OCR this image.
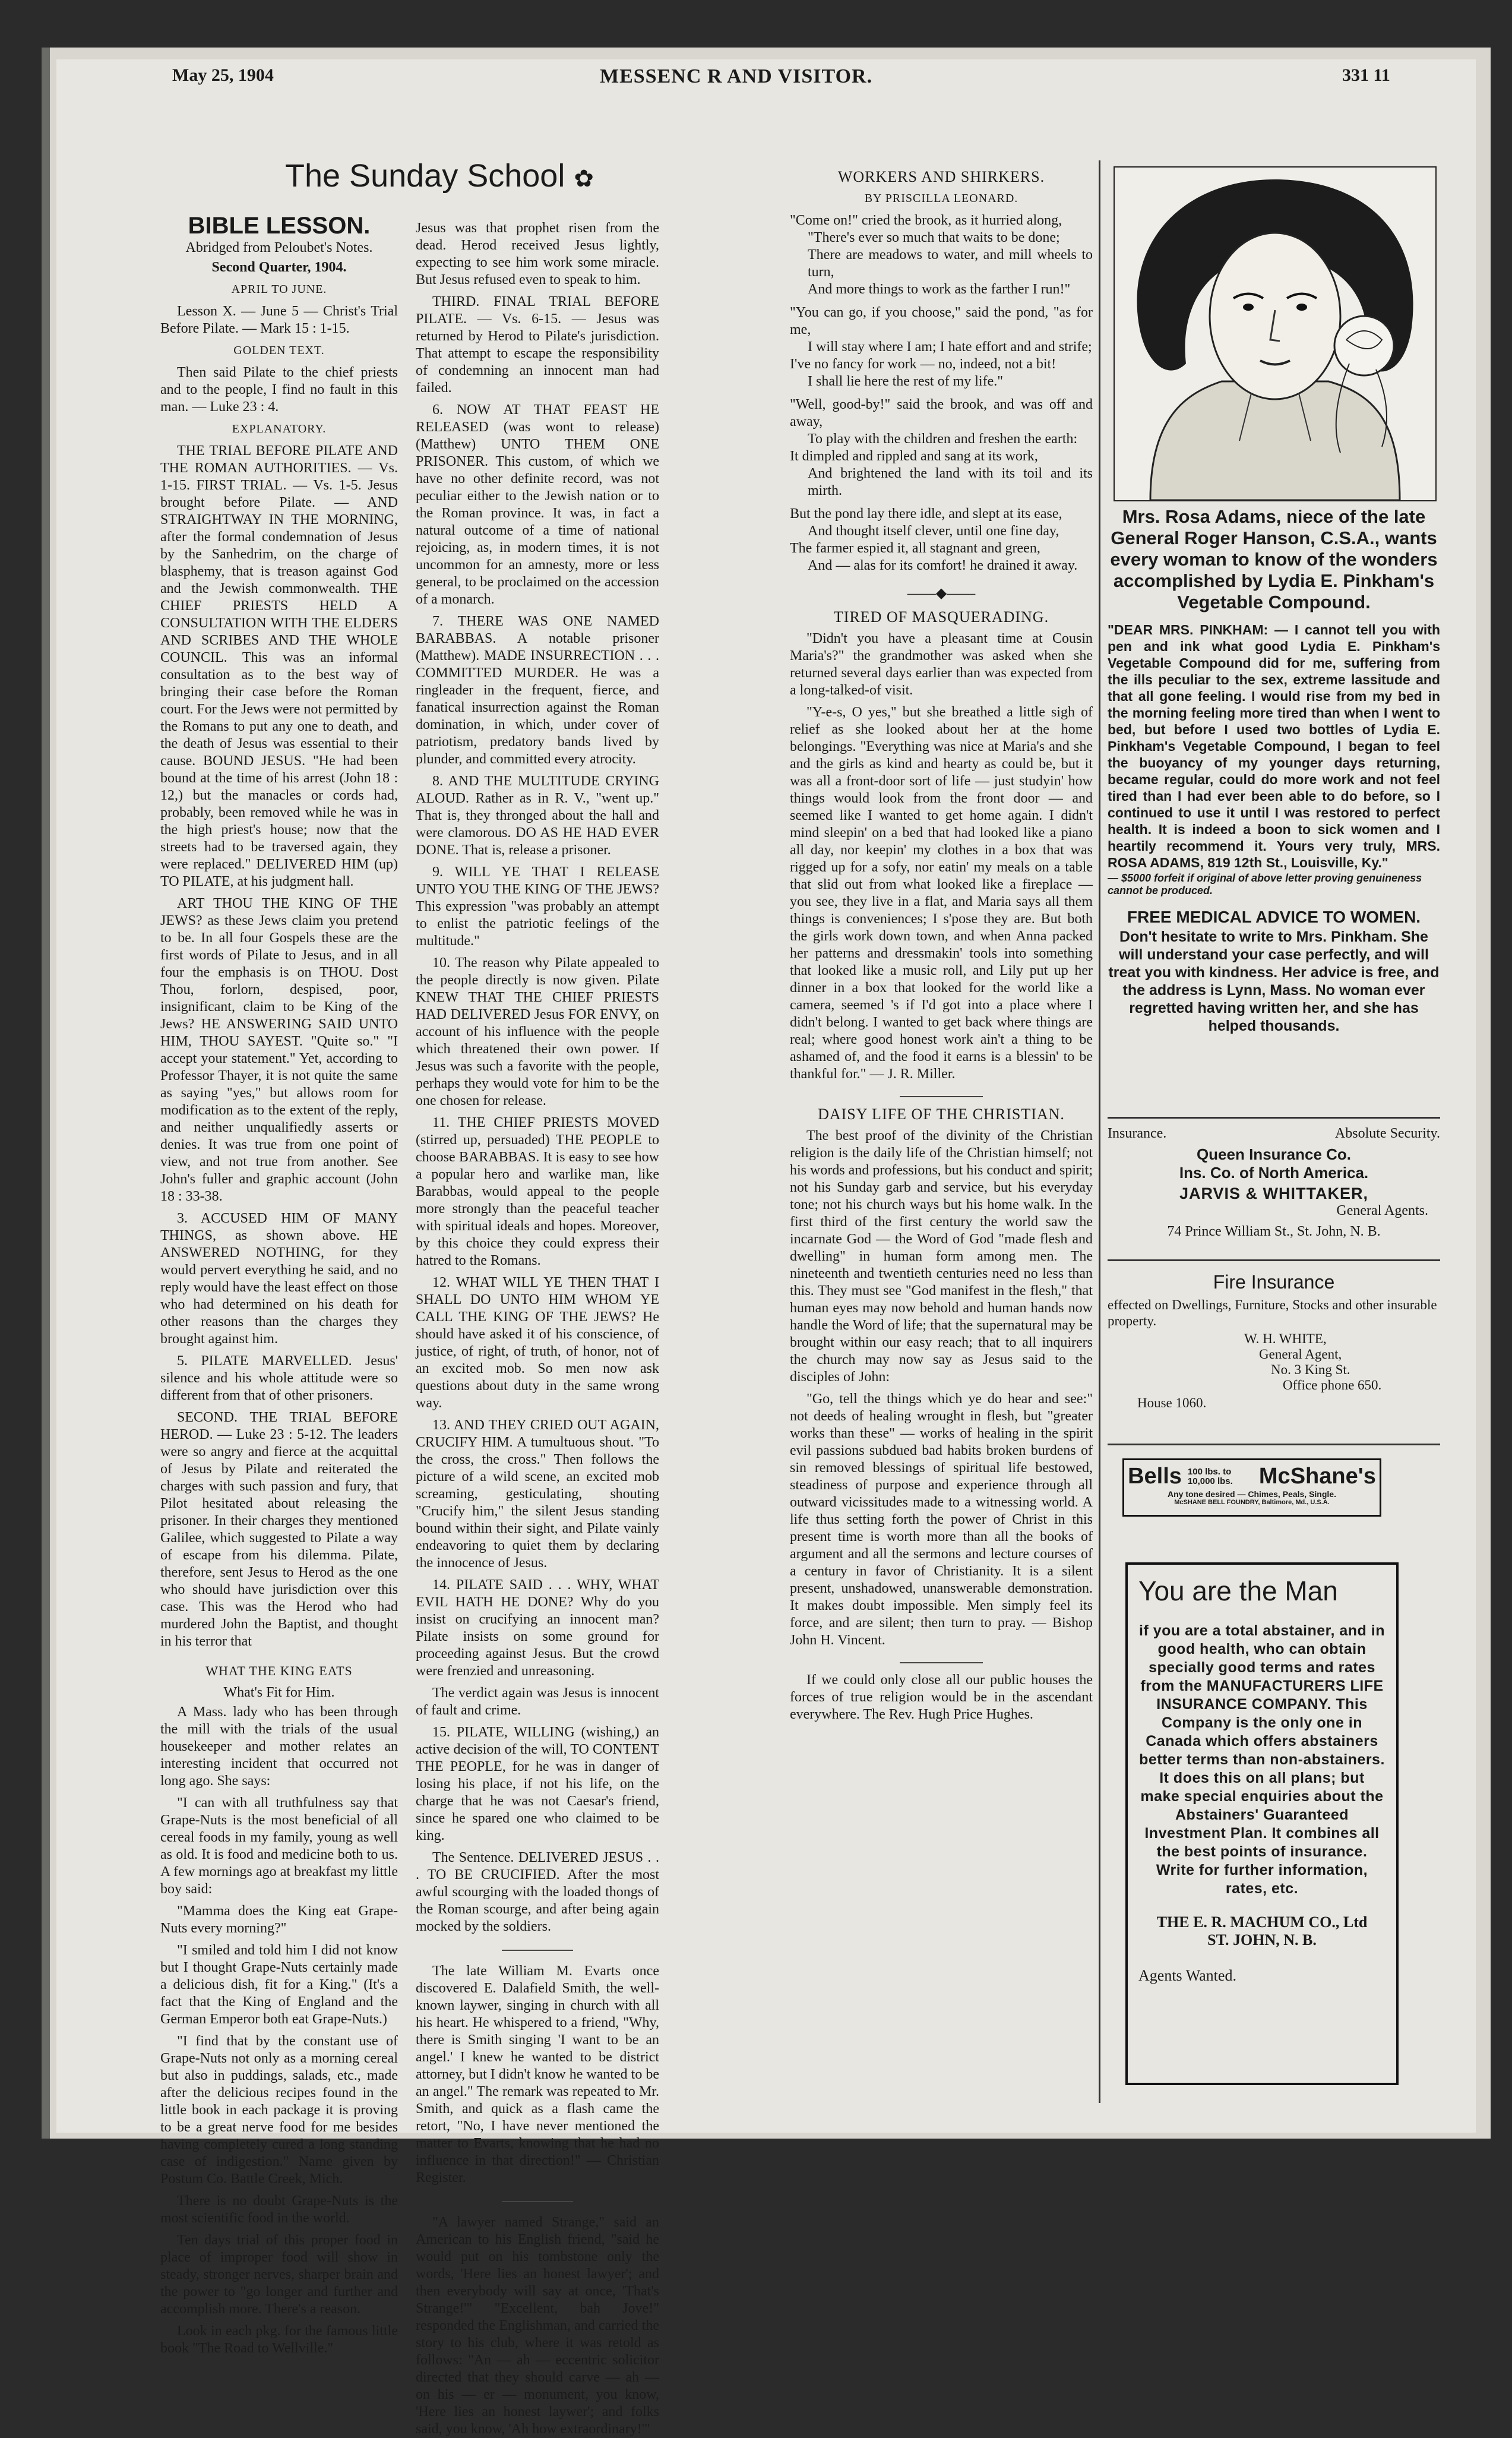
May 25, 1904	MESSENC R AND VISITOR.	331 11
The Sunday School ✿
BIBLE LESSON.
Abridged from Peloubet's Notes.
Second Quarter, 1904.
APRIL TO JUNE.

Lesson X. — June 5 — Christ's Trial Before Pilate. — Mark 15 : 1-15.

GOLDEN TEXT.

Then said Pilate to the chief priests and to the people, I find no fault in this man. — Luke 23 : 4.

EXPLANATORY.

THE TRIAL BEFORE PILATE AND THE ROMAN AUTHORITIES. — Vs. 1-15. FIRST TRIAL. — Vs. 1-5. Jesus brought before Pilate. — AND STRAIGHTWAY IN THE MORNING, after the formal condemnation of Jesus by the Sanhedrim, on the charge of blasphemy, that is treason against God and the Jewish commonwealth. THE CHIEF PRIESTS HELD A CONSULTATION WITH THE ELDERS AND SCRIBES AND THE WHOLE COUNCIL. This was an informal consultation as to the best way of bringing their case before the Roman court. For the Jews were not permitted by the Romans to put any one to death, and the death of Jesus was essential to their cause. BOUND JESUS. "He had been bound at the time of his arrest (John 18 : 12,) but the manacles or cords had, probably, been removed while he was in the high priest's house; now that the streets had to be traversed again, they were replaced." DELIVERED HIM (up) TO PILATE, at his judgment hall.

ART THOU THE KING OF THE JEWS? as these Jews claim you pretend to be. In all four Gospels these are the first words of Pilate to Jesus, and in all four the emphasis is on THOU. Dost Thou, forlorn, despised, poor, insignificant, claim to be King of the Jews? HE ANSWERING SAID UNTO HIM, THOU SAYEST. "Quite so." "I accept your statement." Yet, according to Professor Thayer, it is not quite the same as saying "yes," but allows room for modification as to the extent of the reply, and neither unqualifiedly asserts or denies. It was true from one point of view, and not true from another. See John's fuller and graphic account (John 18 : 33-38.

3. ACCUSED HIM OF MANY THINGS, as shown above. HE ANSWERED NOTHING, for they would pervert everything he said, and no reply would have the least effect on those who had determined on his death for other reasons than the charges they brought against him.

5. PILATE MARVELLED. Jesus' silence and his whole attitude were so different from that of other prisoners.

SECOND. THE TRIAL BEFORE HEROD. — Luke 23 : 5-12. The leaders were so angry and fierce at the acquittal of Jesus by Pilate and reiterated the charges with such passion and fury, that Pilot hesitated about releasing the prisoner. In their charges they mentioned Galilee, which suggested to Pilate a way of escape from his dilemma. Pilate, therefore, sent Jesus to Herod as the one who should have jurisdiction over this case. This was the Herod who had murdered John the Baptist, and thought in his terror that

WHAT THE KING EATS
What's Fit for Him.

A Mass. lady who has been through the mill with the trials of the usual housekeeper and mother relates an interesting incident that occurred not long ago. She says:

"I can with all truthfulness say that Grape-Nuts is the most beneficial of all cereal foods in my family, young as well as old. It is food and medicine both to us. A few mornings ago at breakfast my little boy said:

"Mamma does the King eat Grape-Nuts every morning?"

"I smiled and told him I did not know but I thought Grape-Nuts certainly made a delicious dish, fit for a King." (It's a fact that the King of England and the German Emperor both eat Grape-Nuts.)

"I find that by the constant use of Grape-Nuts not only as a morning cereal but also in puddings, salads, etc., made after the delicious recipes found in the little book in each package it is proving to be a great nerve food for me besides having completely cured a long standing case of indigestion." Name given by Postum Co. Battle Creek, Mich.

There is no doubt Grape-Nuts is the most scientific food in the world.

Ten days trial of this proper food in place of improper food will show in steady, stronger nerves, sharper brain and the power to "go longer and further and accomplish more. There's a reason.

Look in each pkg. for the famous little book "The Road to Wellville."

Jesus was that prophet risen from the dead. Herod received Jesus lightly, expecting to see him work some miracle. But Jesus refused even to speak to him.

THIRD. FINAL TRIAL BEFORE PILATE. — Vs. 6-15. — Jesus was returned by Herod to Pilate's jurisdiction. That attempt to escape the responsibility of condemning an innocent man had failed.

6. NOW AT THAT FEAST HE RELEASED (was wont to release) (Matthew) UNTO THEM ONE PRISONER. This custom, of which we have no other definite record, was not peculiar either to the Jewish nation or to the Roman province. It was, in fact a natural outcome of a time of national rejoicing, as, in modern times, it is not uncommon for an amnesty, more or less general, to be proclaimed on the accession of a monarch.

7. THERE WAS ONE NAMED BARABBAS. A notable prisoner (Matthew). MADE INSURRECTION . . . COMMITTED MURDER. He was a ringleader in the frequent, fierce, and fanatical insurrection against the Roman domination, in which, under cover of patriotism, predatory bands lived by plunder, and committed every atrocity.

8. AND THE MULTITUDE CRYING ALOUD. Rather as in R. V., "went up." That is, they thronged about the hall and were clamorous. DO AS HE HAD EVER DONE. That is, release a prisoner.

9. WILL YE THAT I RELEASE UNTO YOU THE KING OF THE JEWS? This expression "was probably an attempt to enlist the patriotic feelings of the multitude."

10. The reason why Pilate appealed to the people directly is now given. Pilate KNEW THAT THE CHIEF PRIESTS HAD DELIVERED Jesus FOR ENVY, on account of his influence with the people which threatened their own power. If Jesus was such a favorite with the people, perhaps they would vote for him to be the one chosen for release.

11. THE CHIEF PRIESTS MOVED (stirred up, persuaded) THE PEOPLE to choose BARABBAS. It is easy to see how a popular hero and warlike man, like Barabbas, would appeal to the people more strongly than the peaceful teacher with spiritual ideals and hopes. Moreover, by this choice they could express their hatred to the Romans.

12. WHAT WILL YE THEN THAT I SHALL DO UNTO HIM WHOM YE CALL THE KING OF THE JEWS? He should have asked it of his conscience, of justice, of right, of truth, of honor, not of an excited mob. So men now ask questions about duty in the same wrong way.

13. AND THEY CRIED OUT AGAIN, CRUCIFY HIM. A tumultuous shout. "To the cross, the cross." Then follows the picture of a wild scene, an excited mob screaming, gesticulating, shouting "Crucify him," the silent Jesus standing bound within their sight, and Pilate vainly endeavoring to quiet them by declaring the innocence of Jesus.

14. PILATE SAID . . . WHY, WHAT EVIL HATH HE DONE? Why do you insist on crucifying an innocent man? Pilate insists on some ground for proceeding against Jesus. But the crowd were frenzied and unreasoning.

The verdict again was Jesus is innocent of fault and crime.

15. PILATE, WILLING (wishing,) an active decision of the will, TO CONTENT THE PEOPLE, for he was in danger of losing his place, if not his life, on the charge that he was not Caesar's friend, since he spared one who claimed to be king.

The Sentence. DELIVERED JESUS . . . TO BE CRUCIFIED. After the most awful scourging with the loaded thongs of the Roman scourge, and after being again mocked by the soldiers.

The late William M. Evarts once discovered E. Dalafield Smith, the well-known laywer, singing in church with all his heart. He whispered to a friend, "Why, there is Smith singing 'I want to be an angel.' I knew he wanted to be district attorney, but I didn't know he wanted to be an angel." The remark was repeated to Mr. Smith, and quick as a flash came the retort, "No, I have never mentioned the matter to Evarts, knowing that he had no influence in that direction!" — Christian Register.

"A lawyer named Strange," said an American to his English friend, "said he would put on his tombstone only the words, 'Here lies an honest lawyer'; and then everybody will say at once, 'That's Strange!'" "Excellent, bah Jove!" responded the Englishman, and carried the story to his club, where it was retold as follows: "An — ah — eccentric solicitor directed that they should carve — ah — on his — er — monument, you know, 'Here lies an honest laywer'; and folks said, you know, 'Ah how extraordinary!'"

WORKERS AND SHIRKERS.
BY PRISCILLA LEONARD.

"Come on!" cried the brook, as it hurried along,

"There's ever so much that waits to be done;

There are meadows to water, and mill wheels to turn,

And more things to work as the farther I run!"

"You can go, if you choose," said the pond, "as for me,

I will stay where I am; I hate effort and and strife;

I've no fancy for work — no, indeed, not a bit!

I shall lie here the rest of my life."

"Well, good-by!" said the brook, and was off and away,

To play with the children and freshen the earth:

It dimpled and rippled and sang at its work,

And brightened the land with its toil and its mirth.

But the pond lay there idle, and slept at its ease,

And thought itself clever, until one fine day,

The farmer espied it, all stagnant and green,

And — alas for its comfort! he drained it away.

——◆——
TIRED OF MASQUERADING.

"Didn't you have a pleasant time at Cousin Maria's?" the grandmother was asked when she returned several days earlier than was expected from a long-talked-of visit.

"Y-e-s, O yes," but she breathed a little sigh of relief as she looked about her at the home belongings. "Everything was nice at Maria's and she and the girls as kind and hearty as could be, but it was all a front-door sort of life — just studyin' how things would look from the front door — and seemed like I wanted to get home again. I didn't mind sleepin' on a bed that had looked like a piano all day, nor keepin' my clothes in a box that was rigged up for a sofy, nor eatin' my meals on a table that slid out from what looked like a fireplace — you see, they live in a flat, and Maria says all them things is conveniences; I s'pose they are. But both the girls work down town, and when Anna packed her patterns and dressmakin' tools into something that looked like a music roll, and Lily put up her dinner in a box that looked for the world like a camera, seemed 's if I'd got into a place where I didn't belong. I wanted to get back where things are real; where good honest work ain't a thing to be ashamed of, and the food it earns is a blessin' to be thankful for." — J. R. Miller.

DAISY LIFE OF THE CHRISTIAN.

The best proof of the divinity of the Christian religion is the daily life of the Christian himself; not his words and professions, but his conduct and spirit; not his Sunday garb and service, but his everyday tone; not his church ways but his home walk. In the first third of the first century the world saw the incarnate God — the Word of God "made flesh and dwelling" in human form among men. The nineteenth and twentieth centuries need no less than this. They must see "God manifest in the flesh," that human eyes may now behold and human hands now handle the Word of life; that the supernatural may be brought within our easy reach; that to all inquirers the church may now say as Jesus said to the disciples of John:

"Go, tell the things which ye do hear and see:" not deeds of healing wrought in flesh, but "greater works than these" — works of healing in the spirit evil passions subdued bad habits broken burdens of sin removed blessings of spiritual life bestowed, steadiness of purpose and experience through all outward vicissitudes made to a witnessing world. A life thus setting forth the power of Christ in this present time is worth more than all the books of argument and all the sermons and lecture courses of a century in favor of Christianity. It is a silent present, unshadowed, unanswerable demonstration. It makes doubt impossible. Men simply feel its force, and are silent; then turn to pray. — Bishop John H. Vincent.

If we could only close all our public houses the forces of true religion would be in the ascendant everywhere. The Rev. Hugh Price Hughes.

Mrs. Rosa Adams, niece of the late General Roger Hanson, C.S.A., wants every woman to know of the wonders accomplished by Lydia E. Pinkham's Vegetable Compound.
"DEAR MRS. PINKHAM: — I cannot tell you with pen and ink what good Lydia E. Pinkham's Vegetable Compound did for me, suffering from the ills peculiar to the sex, extreme lassitude and that all gone feeling. I would rise from my bed in the morning feeling more tired than when I went to bed, but before I used two bottles of Lydia E. Pinkham's Vegetable Compound, I began to feel the buoyancy of my younger days returning, became regular, could do more work and not feel tired than I had ever been able to do before, so I continued to use it until I was restored to perfect health. It is indeed a boon to sick women and I heartily recommend it. Yours very truly, MRS. ROSA ADAMS, 819 12th St., Louisville, Ky."
— $5000 forfeit if original of above letter proving genuineness cannot be produced.
FREE MEDICAL ADVICE TO WOMEN.
Don't hesitate to write to Mrs. Pinkham. She will understand your case perfectly, and will treat you with kindness. Her advice is free, and the address is Lynn, Mass. No woman ever regretted having written her, and she has helped thousands.
Insurance.	Absolute Security.
Queen Insurance Co.
Ins. Co. of North America.
JARVIS & WHITTAKER,
General Agents.
74 Prince William St., St. John, N. B.
Fire Insurance
effected on Dwellings, Furniture, Stocks and other insurable property.
W. H. WHITE,
General Agent,
No. 3 King St.
Office phone 650.
House 1060.
Bells 100 lbs. to 10,000 lbs.	McShane's
Any tone desired — Chimes, Peals, Single.
McSHANE BELL FOUNDRY, Baltimore, Md., U.S.A.
You are the Man
if you are a total abstainer, and in good health, who can obtain specially good terms and rates from the MANUFACTURERS LIFE INSURANCE COMPANY. This Company is the only one in Canada which offers abstainers better terms than non-abstainers. It does this on all plans; but make special enquiries about the Abstainers' Guaranteed Investment Plan. It combines all the best points of insurance. Write for further information, rates, etc.
THE E. R. MACHUM CO., Ltd
ST. JOHN, N. B.
Agents Wanted.
